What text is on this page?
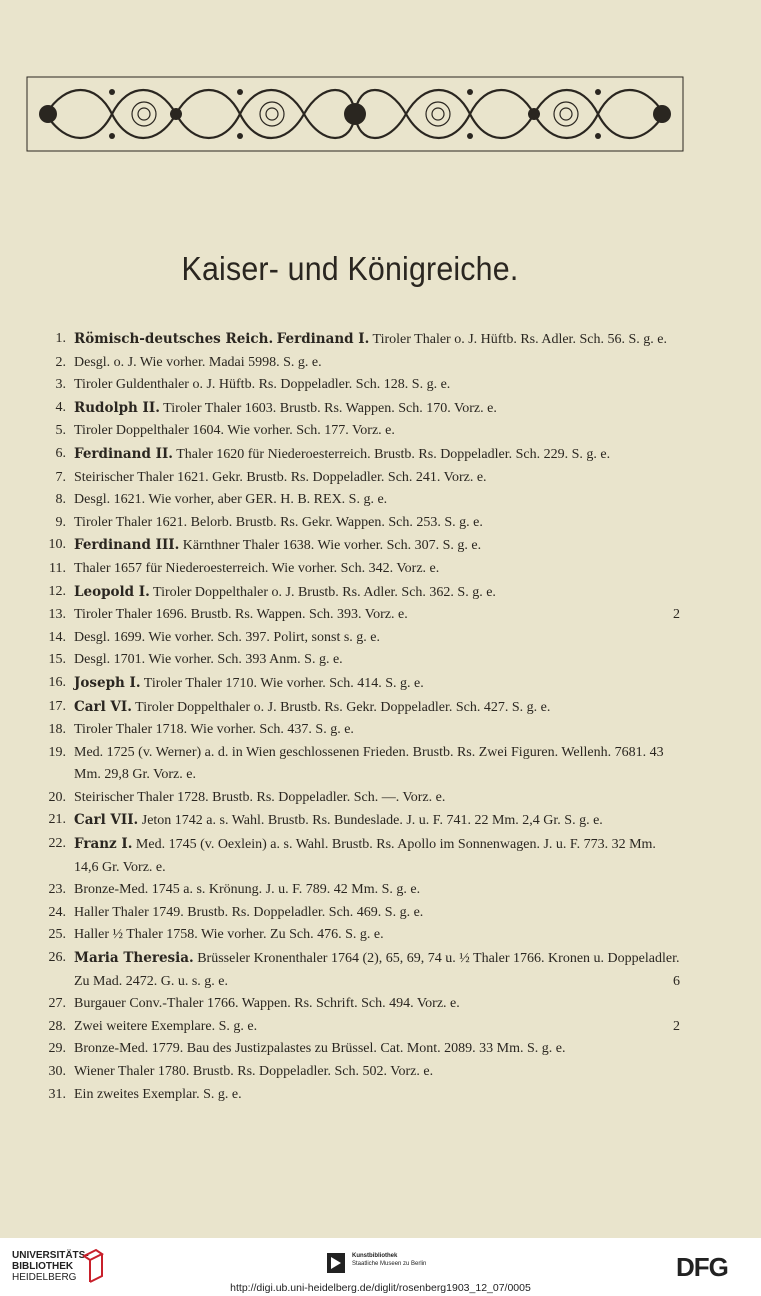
Kaiser- und Königreiche.
1. Römisch-deutsches Reich. Ferdinand I. Tiroler Thaler o. J. Hüftb. Rs. Adler. Sch. 56. S. g. e.
2. Desgl. o. J. Wie vorher. Madai 5998. S. g. e.
3. Tiroler Guldenthaler o. J. Hüftb. Rs. Doppeladler. Sch. 128. S. g. e.
4. Rudolph II. Tiroler Thaler 1603. Brustb. Rs. Wappen. Sch. 170. Vorz. e.
5. Tiroler Doppelthaler 1604. Wie vorher. Sch. 177. Vorz. e.
6. Ferdinand II. Thaler 1620 für Niederoesterreich. Brustb. Rs. Doppeladler. Sch. 229. S. g. e.
7. Steirischer Thaler 1621. Gekr. Brustb. Rs. Doppeladler. Sch. 241. Vorz. e.
8. Desgl. 1621. Wie vorher, aber GER. H. B. REX. S. g. e.
9. Tiroler Thaler 1621. Belorb. Brustb. Rs. Gekr. Wappen. Sch. 253. S. g. e.
10. Ferdinand III. Kärnthner Thaler 1638. Wie vorher. Sch. 307. S. g. e.
11. Thaler 1657 für Niederoesterreich. Wie vorher. Sch. 342. Vorz. e.
12. Leopold I. Tiroler Doppelthaler o. J. Brustb. Rs. Adler. Sch. 362. S. g. e.
13. Tiroler Thaler 1696. Brustb. Rs. Wappen. Sch. 393. Vorz. e.	2
14. Desgl. 1699. Wie vorher. Sch. 397. Polirt, sonst s. g. e.
15. Desgl. 1701. Wie vorher. Sch. 393 Anm. S. g. e.
16. Joseph I. Tiroler Thaler 1710. Wie vorher. Sch. 414. S. g. e.
17. Carl VI. Tiroler Doppelthaler o. J. Brustb. Rs. Gekr. Doppeladler. Sch. 427. S. g. e.
18. Tiroler Thaler 1718. Wie vorher. Sch. 437. S. g. e.
19. Med. 1725 (v. Werner) a. d. in Wien geschlossenen Frieden. Brustb. Rs. Zwei Figuren. Wellenh. 7681. 43 Mm. 29,8 Gr. Vorz. e.
20. Steirischer Thaler 1728. Brustb. Rs. Doppeladler. Sch. —. Vorz. e.
21. Carl VII. Jeton 1742 a. s. Wahl. Brustb. Rs. Bundeslade. J. u. F. 741. 22 Mm. 2,4 Gr. S. g. e.
22. Franz I. Med. 1745 (v. Oexlein) a. s. Wahl. Brustb. Rs. Apollo im Sonnenwagen. J. u. F. 773. 32 Mm. 14,6 Gr. Vorz. e.
23. Bronze-Med. 1745 a. s. Krönung. J. u. F. 789. 42 Mm. S. g. e.
24. Haller Thaler 1749. Brustb. Rs. Doppeladler. Sch. 469. S. g. e.
25. Haller ½ Thaler 1758. Wie vorher. Zu Sch. 476. S. g. e.
26. Maria Theresia. Brüsseler Kronenthaler 1764 (2), 65, 69, 74 u. ½ Thaler 1766. Kronen u. Doppeladler. Zu Mad. 2472. G. u. s. g. e.	6
27. Burgauer Conv.-Thaler 1766. Wappen. Rs. Schrift. Sch. 494. Vorz. e.
28. Zwei weitere Exemplare. S. g. e.	2
29. Bronze-Med. 1779. Bau des Justizpalastes zu Brüssel. Cat. Mont. 2089. 33 Mm. S. g. e.
30. Wiener Thaler 1780. Brustb. Rs. Doppeladler. Sch. 502. Vorz. e.
31. Ein zweites Exemplar. S. g. e.
UNIVERSITÄTS-
BIBLIOTHEK
HEIDELBERG
Kunstbibliothek
Staatliche Museen zu Berlin	DFG
http://digi.ub.uni-heidelberg.de/diglit/rosenberg1903_12_07/0005
